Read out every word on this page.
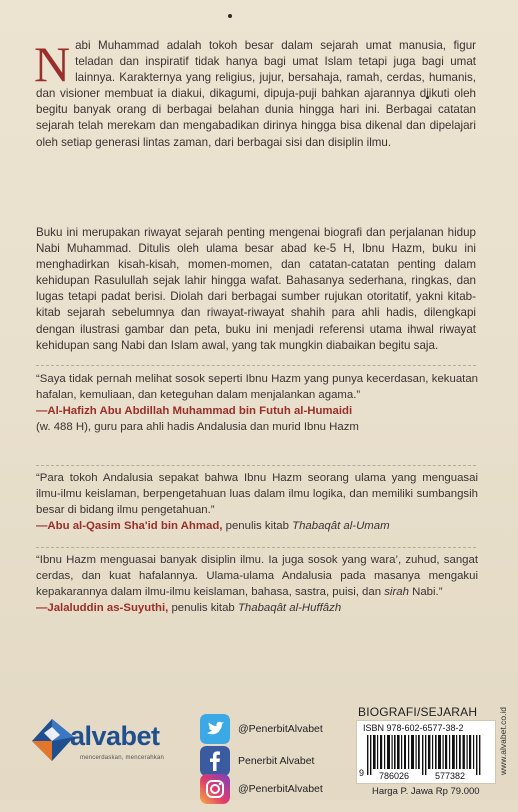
Nabi Muhammad adalah tokoh besar dalam sejarah umat manusia, figur teladan dan inspiratif tidak hanya bagi umat Islam tetapi juga bagi umat lainnya. Karakternya yang religius, jujur, bersahaja, ramah, cerdas, humanis, dan visioner membuat ia diakui, dikagumi, dipuja-puji bahkan ajarannya diikuti oleh begitu banyak orang di berbagai belahan dunia hingga hari ini. Berbagai catatan sejarah telah merekam dan mengabadikan dirinya hingga bisa dikenal dan dipelajari oleh setiap generasi lintas zaman, dari berbagai sisi dan disiplin ilmu.
Buku ini merupakan riwayat sejarah penting mengenai biografi dan perjalanan hidup Nabi Muhammad. Ditulis oleh ulama besar abad ke-5 H, Ibnu Hazm, buku ini menghadirkan kisah-kisah, momen-momen, dan catatan-catatan penting dalam kehidupan Rasulullah sejak lahir hingga wafat. Bahasanya sederhana, ringkas, dan lugas tetapi padat berisi. Diolah dari berbagai sumber rujukan otoritatif, yakni kitab-kitab sejarah sebelumnya dan riwayat-riwayat shahih para ahli hadis, dilengkapi dengan ilustrasi gambar dan peta, buku ini menjadi referensi utama ihwal riwayat kehidupan sang Nabi dan Islam awal, yang tak mungkin diabaikan begitu saja.
“Saya tidak pernah melihat sosok seperti Ibnu Hazm yang punya kecerdasan, kekuatan hafalan, kemuliaan, dan keteguhan dalam menjalankan agama.”
—Al-Hafizh Abu Abdillah Muhammad bin Futuh al-Humaidi
(w. 488 H), guru para ahli hadis Andalusia dan murid Ibnu Hazm
“Para tokoh Andalusia sepakat bahwa Ibnu Hazm seorang ulama yang menguasai ilmu-ilmu keislaman, berpengetahuan luas dalam ilmu logika, dan memiliki sumbangsih besar di bidang ilmu pengetahuan.”
—Abu al-Qasim Sha'id bin Ahmad, penulis kitab Thabaqât al-Umam
“Ibnu Hazm menguasai banyak disiplin ilmu. Ia juga sosok yang wara’, zuhud, sangat cerdas, dan kuat hafalannya. Ulama-ulama Andalusia pada masanya mengakui kepakarannya dalam ilmu-ilmu keislaman, bahasa, sastra, puisi, dan sirah Nabi.”
—Jalaluddin as-Suyuthi, penulis kitab Thabaqât al-Huffâzh
alvabet
mencerdaskan, mencerahkan
@PenerbitAlvabet
Penerbit Alvabet
@PenerbitAlvabet
BIOGRAFI/SEJARAH
ISBN 978-602-6577-38-2
9 786026	577382
Harga P. Jawa Rp 79.000
www.alvabet.co.id
